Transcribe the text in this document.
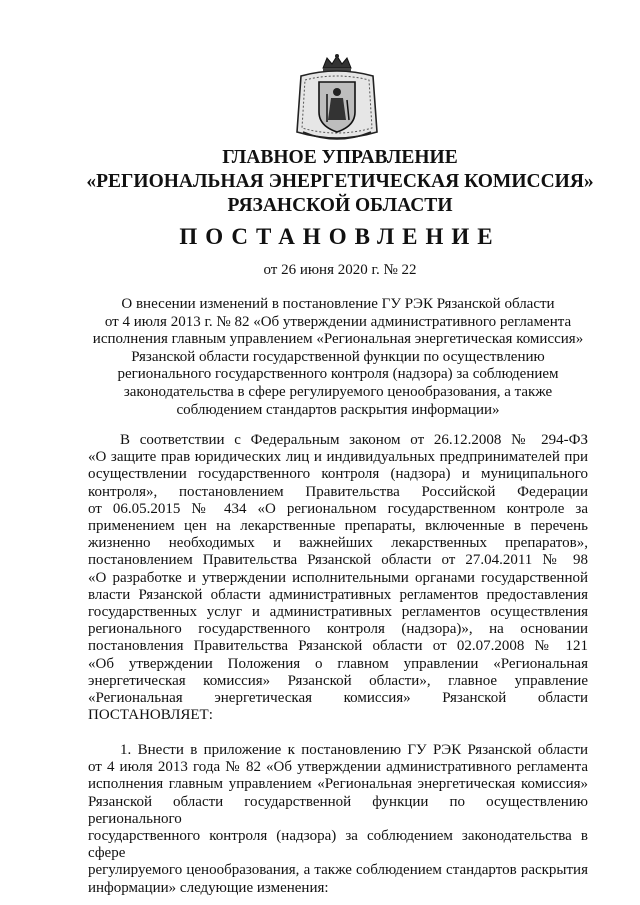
ГЛАВНОЕ УПРАВЛЕНИЕ
«РЕГИОНАЛЬНАЯ ЭНЕРГЕТИЧЕСКАЯ КОМИССИЯ»
РЯЗАНСКОЙ ОБЛАСТИ
ПОСТАНОВЛЕНИЕ
от 26 июня 2020 г. № 22
О внесении изменений в постановление ГУ РЭК Рязанской области
от 4 июля 2013 г. № 82 «Об утверждении административного регламента
исполнения главным управлением «Региональная энергетическая комиссия»
Рязанской области государственной функции по осуществлению
регионального государственного контроля (надзора) за соблюдением
законодательства в сфере регулируемого ценообразования, а также
соблюдением стандартов раскрытия информации»
В соответствии с Федеральным законом от 26.12.2008 № 294-ФЗ
«О защите прав юридических лиц и индивидуальных предпринимателей при
осуществлении государственного контроля (надзора) и муниципального
контроля», постановлением Правительства Российской Федерации
от 06.05.2015 № 434 «О региональном государственном контроле за
применением цен на лекарственные препараты, включенные в перечень
жизненно необходимых и важнейших лекарственных препаратов»,
постановлением Правительства Рязанской области от 27.04.2011 № 98
«О разработке и утверждении исполнительными органами государственной
власти Рязанской области административных регламентов предоставления
государственных услуг и административных регламентов осуществления
регионального государственного контроля (надзора)», на основании
постановления Правительства Рязанской области от 02.07.2008 № 121
«Об утверждении Положения о главном управлении «Региональная
энергетическая комиссия» Рязанской области», главное управление
«Региональная энергетическая комиссия» Рязанской области
ПОСТАНОВЛЯЕТ:
1. Внести в приложение к постановлению ГУ РЭК Рязанской области
от 4 июля 2013 года № 82 «Об утверждении административного регламента
исполнения главным управлением «Региональная энергетическая комиссия»
Рязанской области государственной функции по осуществлению регионального
государственного контроля (надзора) за соблюдением законодательства в сфере
регулируемого ценообразования, а также соблюдением стандартов раскрытия
информации» следующие изменения:
